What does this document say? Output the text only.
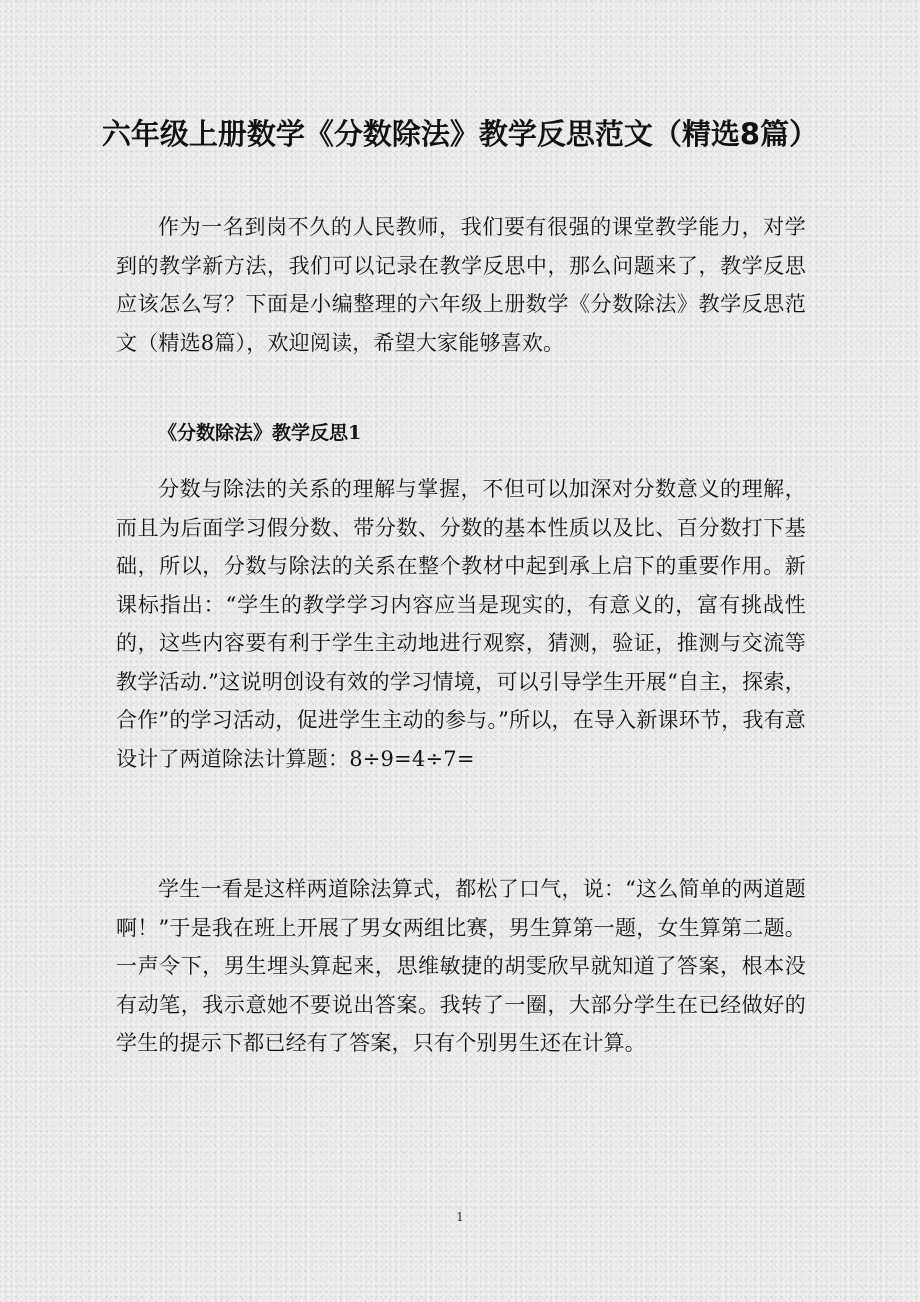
六年级上册数学《分数除法》教学反思范文（精选8篇）

作为一名到岗不久的人民教师，我们要有很强的课堂教学能力，对学到的教学新方法，我们可以记录在教学反思中，那么问题来了，教学反思应该怎么写？下面是小编整理的六年级上册数学《分数除法》教学反思范文（精选8篇），欢迎阅读，希望大家能够喜欢。

《分数除法》教学反思1

分数与除法的关系的理解与掌握，不但可以加深对分数意义的理解，而且为后面学习假分数、带分数、分数的基本性质以及比、百分数打下基础，所以，分数与除法的关系在整个教材中起到承上启下的重要作用。新课标指出：“学生的教学学习内容应当是现实的，有意义的，富有挑战性的，这些内容要有利于学生主动地进行观察，猜测，验证，推测与交流等教学活动.”这说明创设有效的学习情境，可以引导学生开展“自主，探索，合作”的学习活动，促进学生主动的参与。”所以，在导入新课环节，我有意设计了两道除法计算题：8÷9=4÷7=

学生一看是这样两道除法算式，都松了口气，说：“这么简单的两道题啊！”于是我在班上开展了男女两组比赛，男生算第一题，女生算第二题。一声令下，男生埋头算起来，思维敏捷的胡雯欣早就知道了答案，根本没有动笔，我示意她不要说出答案。我转了一圈，大部分学生在已经做好的学生的提示下都已经有了答案，只有个别男生还在计算。

1
